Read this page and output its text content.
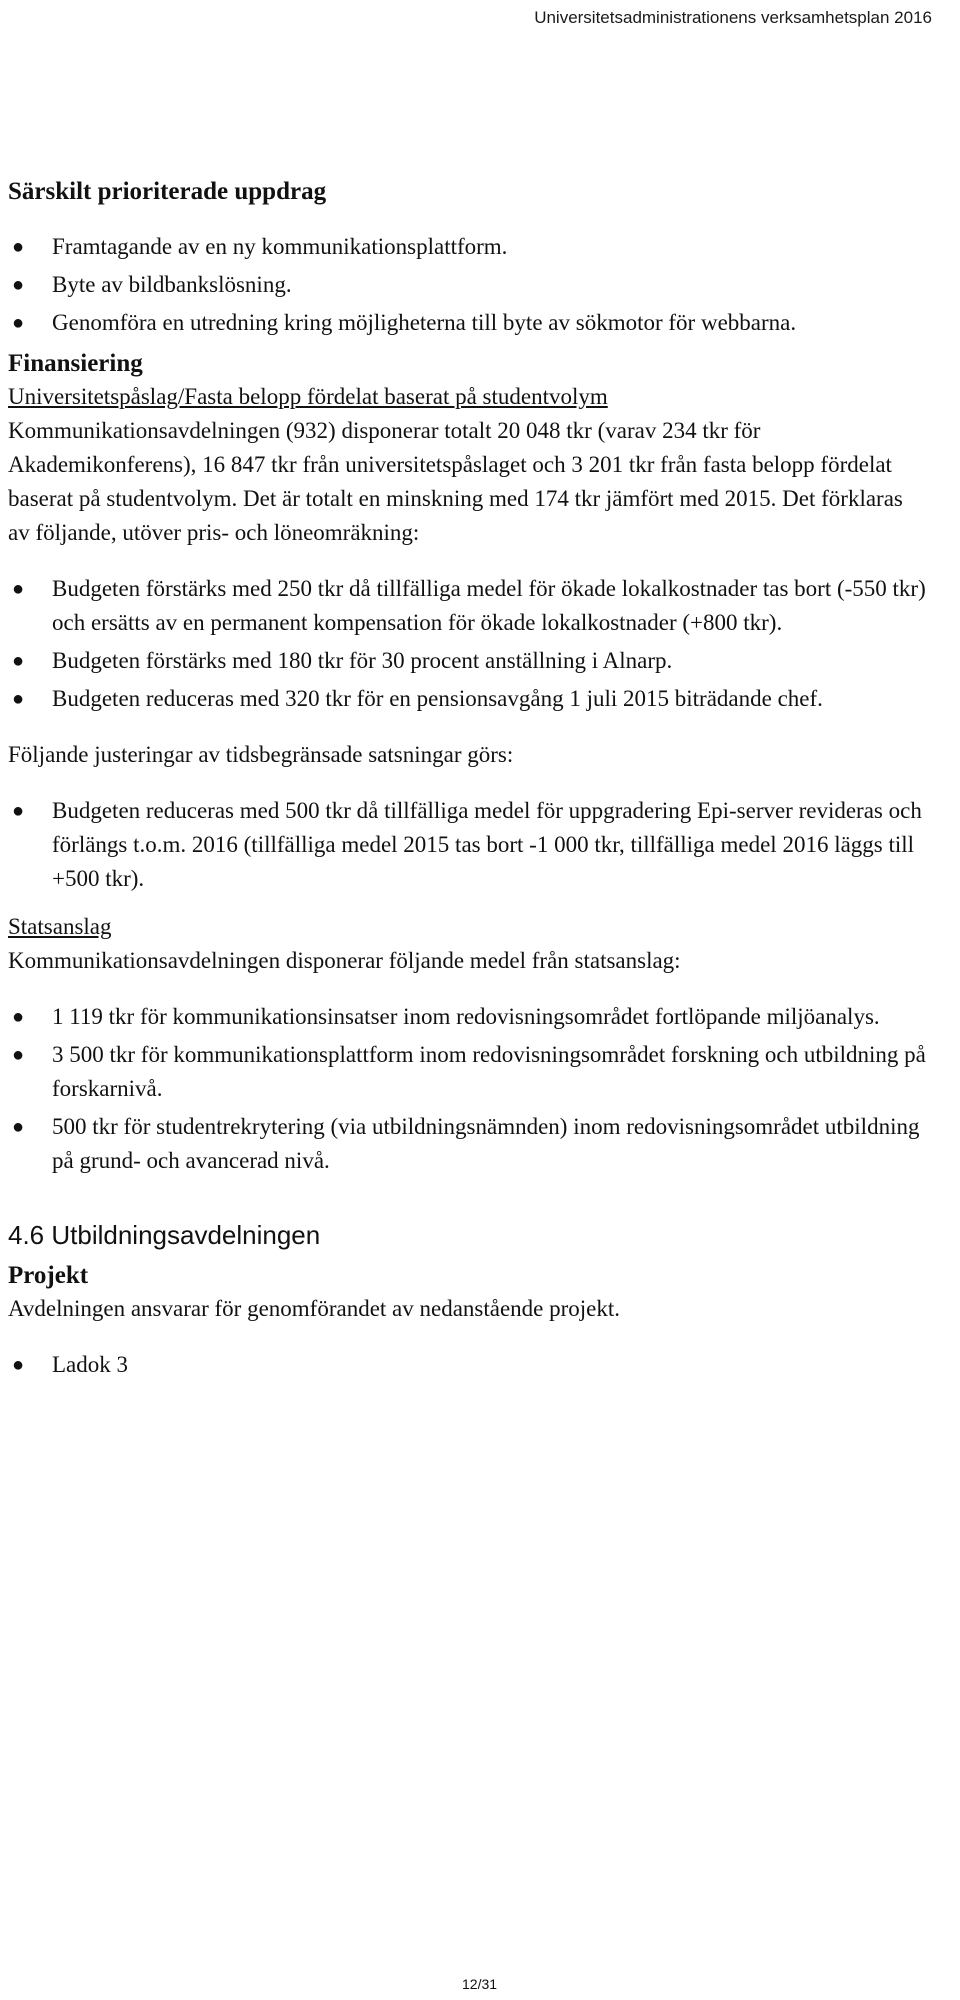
Universitetsadministrationens verksamhetsplan 2016
Särskilt prioriterade uppdrag
●	Framtagande av en ny kommunikationsplattform.
●	Byte av bildbankslösning.
●	Genomföra en utredning kring möjligheterna till byte av sökmotor för webbarna.
Finansiering

Universitetspåslag/Fasta belopp fördelat baserat på studentvolym

Kommunikationsavdelningen (932) disponerar totalt 20 048 tkr (varav 234 tkr för Akademikonferens), 16 847 tkr från universitetspåslaget och 3 201 tkr från fasta belopp fördelat baserat på studentvolym. Det är totalt en minskning med 174 tkr jämfört med 2015. Det förklaras av följande, utöver pris- och löneomräkning:

●	Budgeten förstärks med 250 tkr då tillfälliga medel för ökade lokalkostnader tas bort (-550 tkr) och ersätts av en permanent kompensation för ökade lokalkostnader (+800 tkr).
●	Budgeten förstärks med 180 tkr för 30 procent anställning i Alnarp.
●	Budgeten reduceras med 320 tkr för en pensionsavgång 1 juli 2015 biträdande chef.

Följande justeringar av tidsbegränsade satsningar görs:

●	Budgeten reduceras med 500 tkr då tillfälliga medel för uppgradering Epi-server revideras och förlängs t.o.m. 2016 (tillfälliga medel 2015 tas bort -1 000 tkr, tillfälliga medel 2016 läggs till +500 tkr).

Statsanslag

Kommunikationsavdelningen disponerar följande medel från statsanslag:

●	1 119 tkr för kommunikationsinsatser inom redovisningsområdet fortlöpande miljöanalys.
●	3 500 tkr för kommunikationsplattform inom redovisningsområdet forskning och utbildning på forskarnivå.
●	500 tkr för studentrekrytering (via utbildningsnämnden) inom redovisningsområdet utbildning på grund- och avancerad nivå.
4.6 Utbildningsavdelningen
Projekt

Avdelningen ansvarar för genomförandet av nedanstående projekt.

●	Ladok 3
12/31
